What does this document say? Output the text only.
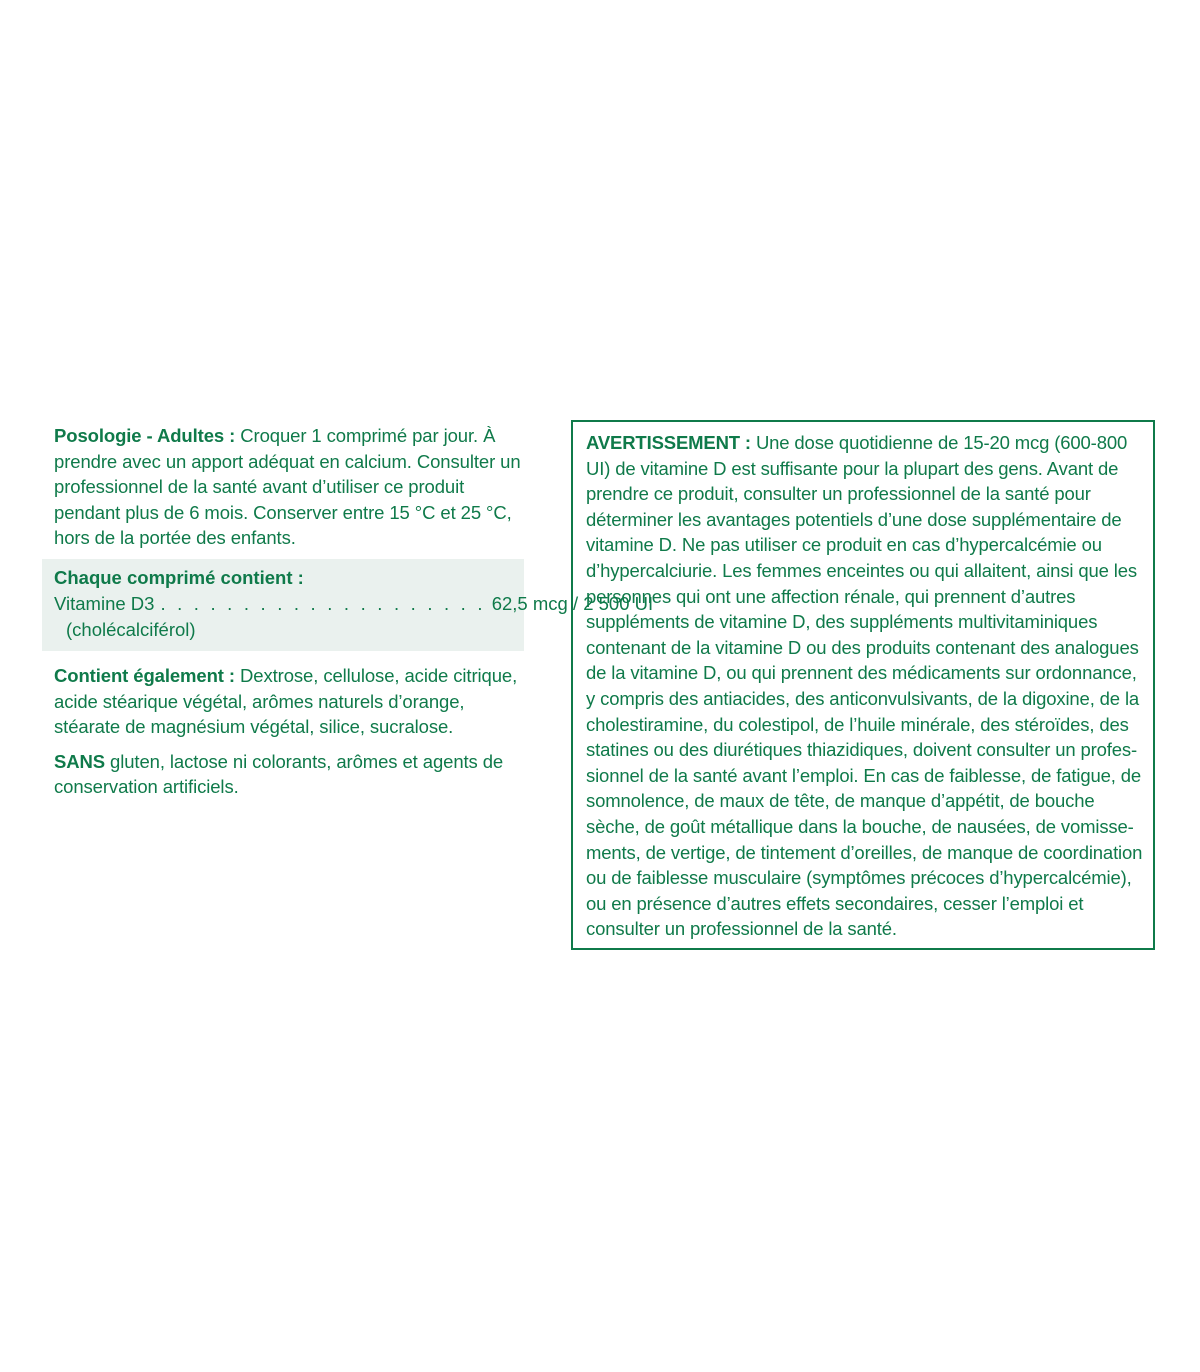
Posologie - Adultes : Croquer 1 comprimé par jour. À prendre avec un apport adéquat en calcium. Consulter un professionnel de la santé avant d’utiliser ce produit pendant plus de 6 mois. Conserver entre 15 °C et 25 °C, hors de la portée des enfants.

Chaque comprimé contient :
Vitamine D3 . . . . . . . . . . . . . . . . . . . . 62,5 mcg / 2 500 UI
(cholécalciférol)

Contient également : Dextrose, cellulose, acide citrique, acide stéarique végétal, arômes naturels d’orange, stéarate de magnésium végétal, silice, sucralose.

SANS gluten, lactose ni colorants, arômes et agents de conservation artificiels.

AVERTISSEMENT : Une dose quotidienne de 15-20 mcg (600-800 UI) de vitamine D est suffisante pour la plupart des gens. Avant de prendre ce produit, consulter un professionnel de la santé pour déterminer les avantages potentiels d’une dose supplémentaire de vitamine D. Ne pas utiliser ce produit en cas d’hypercalcémie ou d’hypercalciurie. Les femmes enceintes ou qui allaitent, ainsi que les personnes qui ont une affection rénale, qui prennent d’autres suppléments de vitamine D, des suppléments multivitaminiques contenant de la vitamine D ou des produits contenant des analogues de la vitamine D, ou qui prennent des médicaments sur ordonnance, y compris des antiacides, des anticonvulsivants, de la digoxine, de la cholestiramine, du colestipol, de l’huile minérale, des stéroïdes, des statines ou des diurétiques thiazidiques, doivent consulter un professionnel de la santé avant l’emploi. En cas de faiblesse, de fatigue, de somnolence, de maux de tête, de manque d’appétit, de bouche sèche, de goût métallique dans la bouche, de nausées, de vomissements, de vertige, de tintement d’oreilles, de manque de coordination ou de faiblesse musculaire (symptômes précoces d’hypercalcémie), ou en présence d’autres effets secondaires, cesser l’emploi et consulter un professionnel de la santé.
